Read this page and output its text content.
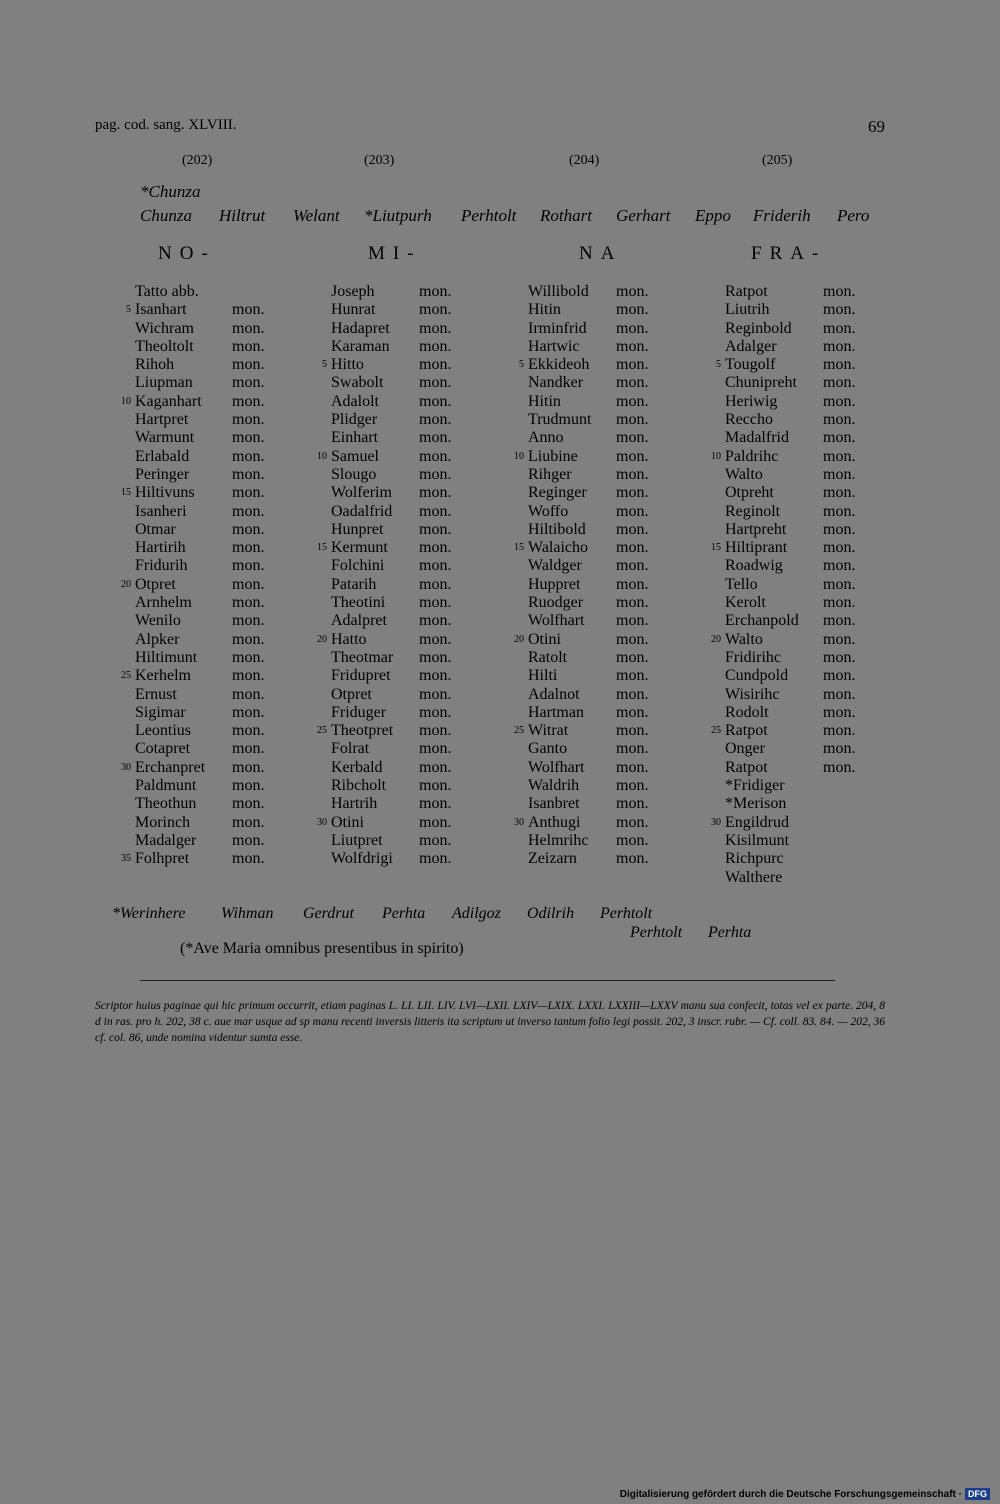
pag. cod. sang. XLVIII.	69
(202)	(203)	(204)	(205)
*Chunza
Chunza Hiltrut Welant *Liutpurh Perhtolt Rothart Gerhart Eppo Friderih Pero
NO-	MI-	NA	FRA-
Tatto abb.
5 Isanhart	mon.
Wichram mon.
Theoltolt mon.
Rihoh	mon.
Liupman mon.
10 Kaganhart mon.
Hartpret	mon.
Warmunt mon.
Erlabald	mon.
Peringer	mon.
15 Hiltivuns mon.
Isanheri	mon.
Otmar	mon.
Hartirih	mon.
Fridurih	mon.
20 Otpret	mon.
Arnhelm	mon.
Wenilo	mon.
Alpker	mon.
Hiltimunt mon.
25 Kerhelm	mon.
Ernust	mon.
Sigimar	mon.
Leontius	mon.
Cotapret	mon.
30 Erchanpret mon.
Paldmunt mon.
Theothun mon.
Morinch	mon.
Madalger mon.
35 Folhpret	mon.
Joseph	mon.
Hunrat	mon.
Hadapret mon.
Karaman mon.
5 Hitto	mon.
Swabolt mon.
Adalolt	mon.
Plidger	mon.
Einhart	mon.
10 Samuel	mon.
Slougo	mon.
Wolferim mon.
Oadalfrid mon.
Hunpret mon.
15 Kermunt mon.
Folchini mon.
Patarih	mon.
Theotini mon.
Adalpret mon.
20 Hatto	mon.
Theotmar mon.
Fridupret mon.
Otpret	mon.
Friduger mon.
25 Theotpret mon.
Folrat	mon.
Kerbald mon.
Ribcholt mon.
Hartrih	mon.
30 Otini	mon.
Liutpret mon.
Wolfdrigi mon.
Willibold mon.
Hitin	mon.
Irminfrid mon.
Hartwic mon.
5 Ekkideoh mon.
Nandker mon.
Hitin	mon.
Trudmunt mon.
Anno	mon.
10 Liubine mon.
Rihger	mon.
Reginger mon.
Woffo	mon.
Hiltibold mon.
15 Walaicho mon.
Waldger mon.
Huppret mon.
Ruodger mon.
Wolfhart mon.
20 Otini	mon.
Ratolt	mon.
Hilti	mon.
Adalnot mon.
Hartman mon.
25 Witrat	mon.
Ganto	mon.
Wolfhart mon.
Waldrih mon.
Isanbret mon.
30 Anthugi mon.
Helmrihc mon.
Zeizarn mon.
Ratpot	mon.
Liutrih	mon.
Reginbold mon.
Adalger	mon.
5 Tougolf	mon.
Chunipreht mon.
Heriwig	mon.
Reccho	mon.
Madalfrid mon.
10 Paldrihc	mon.
Walto	mon.
Otpreht	mon.
Reginolt	mon.
Hartpreht mon.
15 Hiltiprant mon.
Roadwig	mon.
Tello	mon.
Kerolt	mon.
Erchanpold mon.
20 Walto	mon.
Fridirihc	mon.
Cundpold mon.
Wisirihc	mon.
Rodolt	mon.
25 Ratpot	mon.
Onger	mon.
Ratpot	mon.
*Fridiger
*Merison
30 Engildrud
Kisilmunt
Richpurc
Walthere
*Werinhere Wihman Gerdrut Perhta Adilgoz Odilrih Perhtolt
Perhtolt Perhta
(*Ave Maria omnibus presentibus in spirito)
Scriptor huius paginae qui hic primum occurrit, etiam paginas L. LI. LII. LIV. LVI—LXII. LXIV—LXIX. LXXI. LXXIII—LXXV manu sua confecit, totas vel ex parte. 204, 8 d in ras. pro h. 202, 38 c. aue mar usque ad sp manu recenti inversis litteris ita scriptum ut inverso tantum folio legi possit. 202, 3 inscr. rubr. — Cf. coll. 83. 84. — 202, 36 cf. col. 86, unde nomina videntur sumta esse.
Digitalisierung gefördert durch die Deutsche Forschungsgemeinschaft · DFG
